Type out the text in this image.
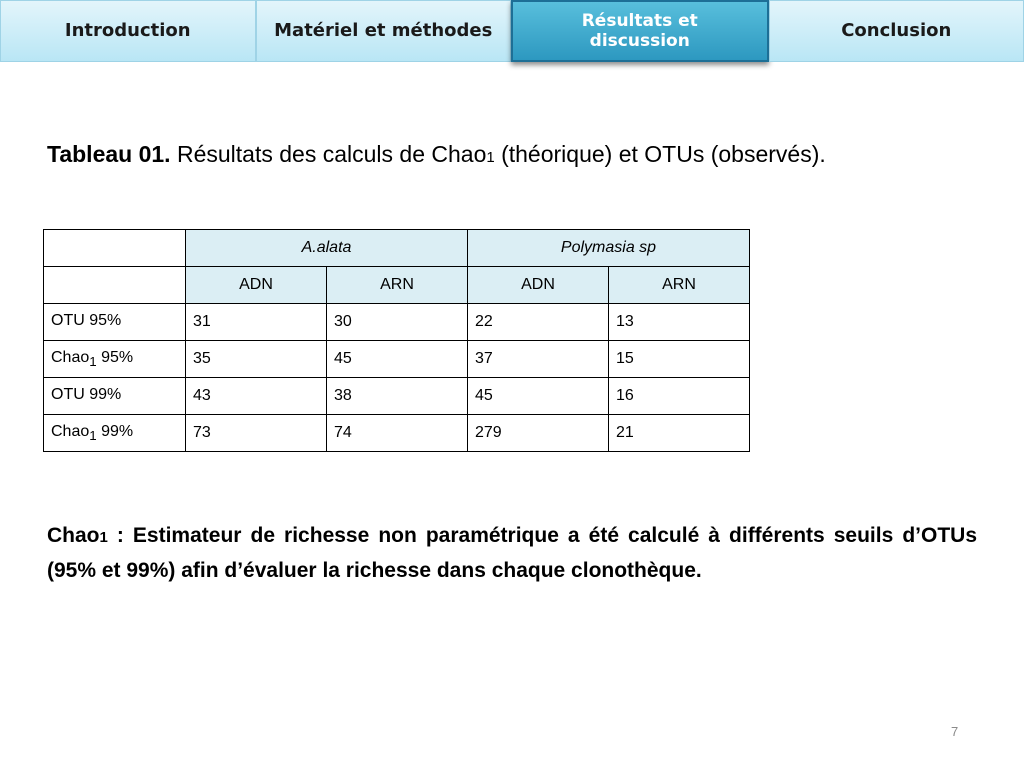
Introduction	Matériel et méthodes	Résultats et
discussion	Conclusion
Tableau 01. Résultats des calculs de Chao1 (théorique) et OTUs (observés).
	A.alata		Polymasia sp	
	ADN	ARN	ADN	ARN
OTU 95%	31	30	22	13
Chao$_1$ 95%	35	45	37	15
OTU 99%	43	38	45	16
Chao$_1$ 99%	73	74	279	21
Chao1 : Estimateur de richesse non paramétrique a été calculé à différents seuils d’OTUs (95% et 99%) afin d’évaluer la richesse dans chaque clonothèque.
7
